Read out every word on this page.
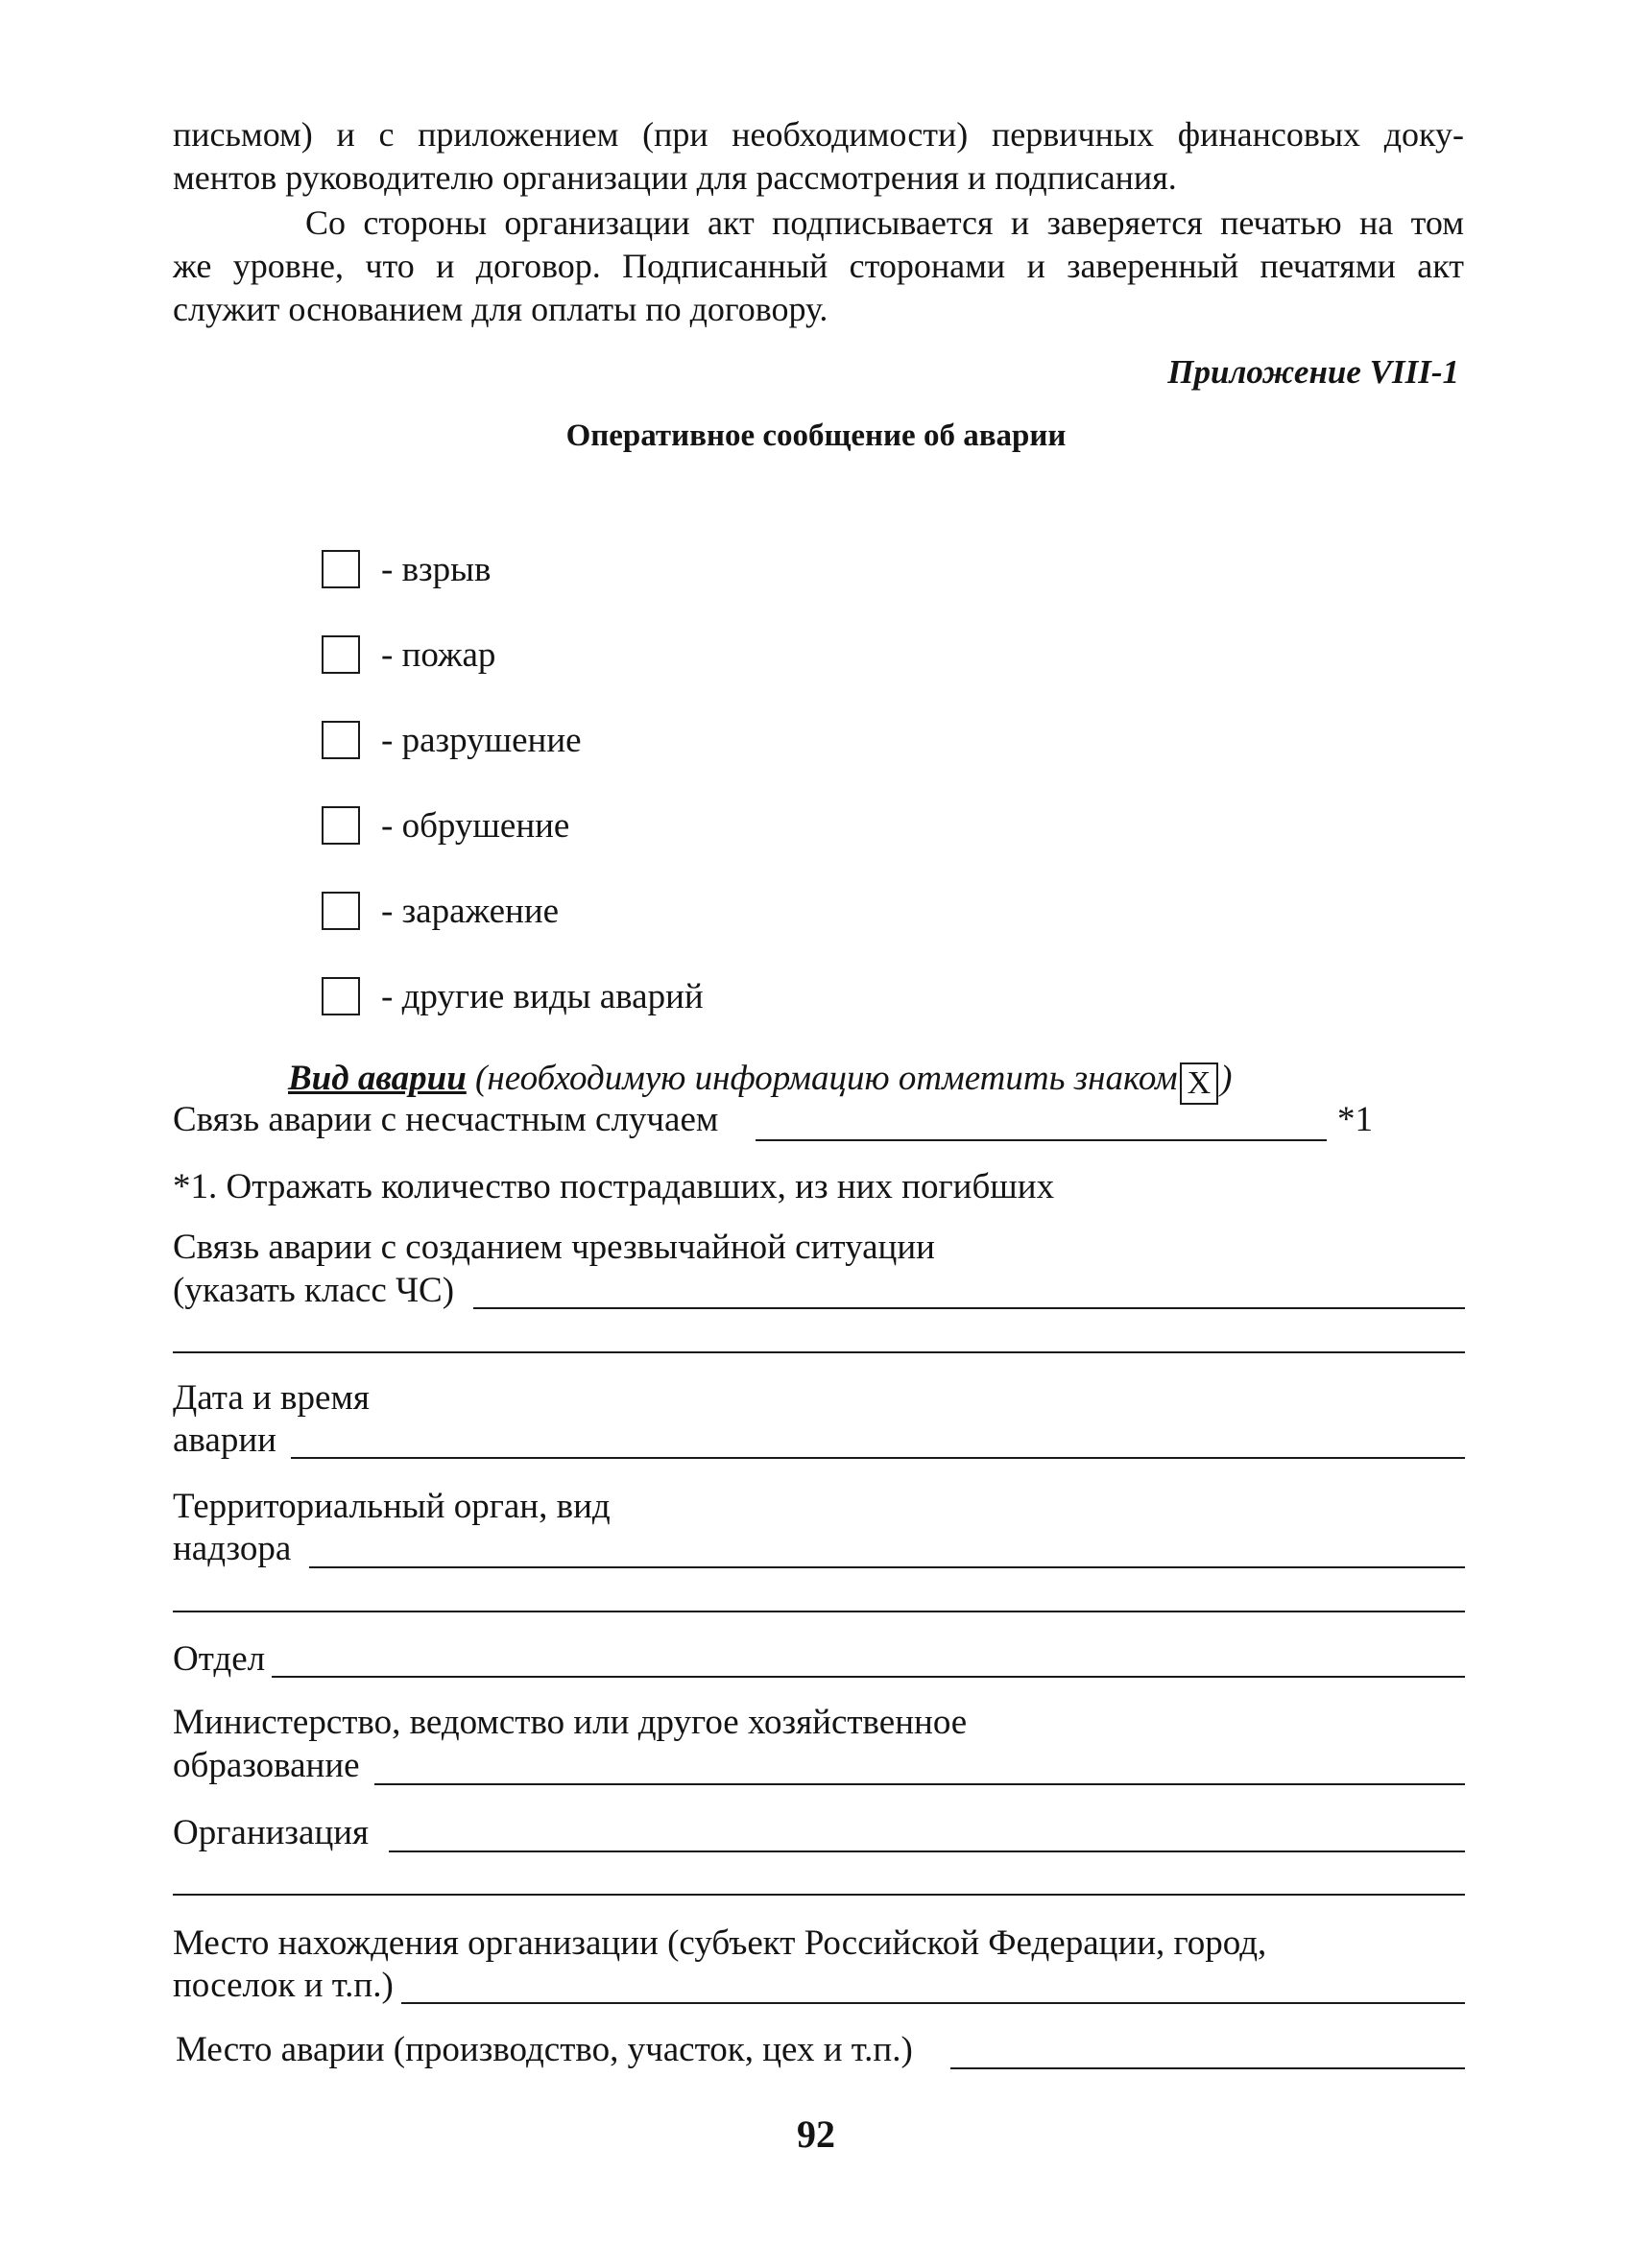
письмом) и с приложением (при необходимости) первичных финансовых доку-
ментов руководителю организации для рассмотрения и подписания.
Со стороны организации акт подписывается и заверяется печатью на том
же уровне, что и договор. Подписанный сторонами и заверенный печатями акт
служит основанием для оплаты по договору.
Приложение VIII-1
Оперативное сообщение об аварии
- взрыв
- пожар
- разрушение
- обрушение
- заражение
- другие виды аварий
Вид аварии (необходимую информацию отметить знаком X )
Связь аварии с несчастным случаем	*1
*1. Отражать количество пострадавших, из них погибших
Связь аварии с созданием чрезвычайной ситуации
(указать класс ЧС)
Дата и время
аварии
Территориальный орган, вид
надзора
Отдел
Министерство, ведомство или другое хозяйственное
образование
Организация
Место нахождения организации (субъект Российской Федерации, город,
поселок и т.п.)
Место аварии (производство, участок, цех и т.п.)
92
